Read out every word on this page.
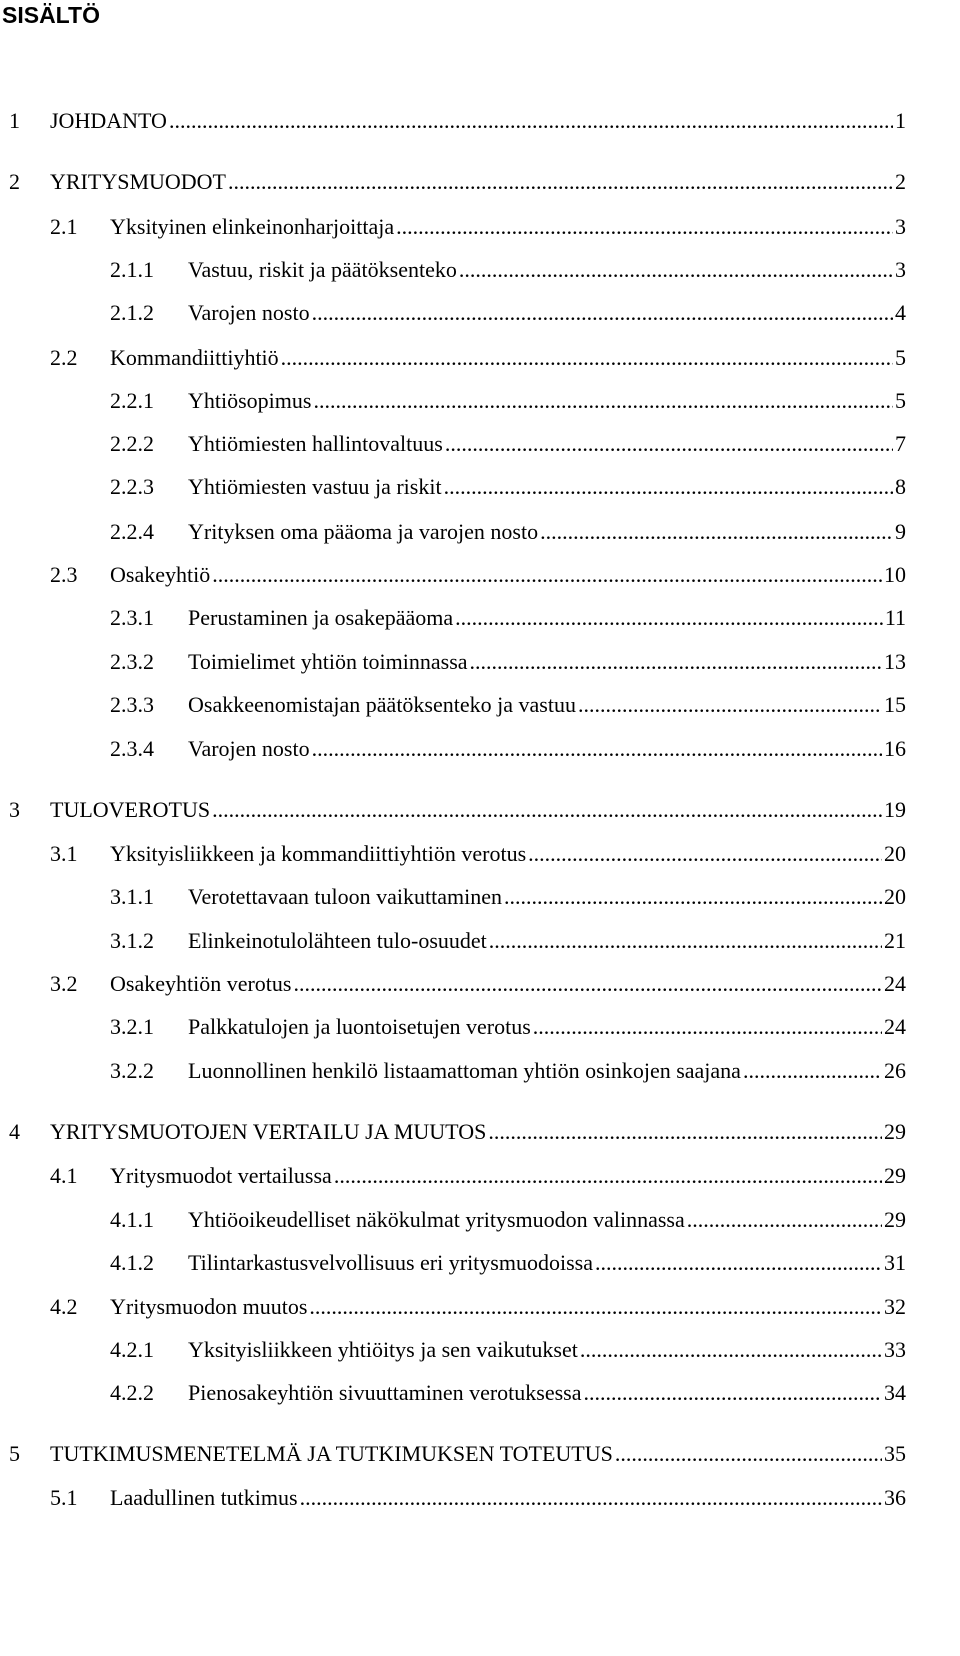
SISÄLTÖ
1 JOHDANTO .....	1
2 YRITYSMUODOT .....	2
2.1 Yksityinen elinkeinonharjoittaja .....	3
2.1.1 Vastuu, riskit ja päätöksenteko .....	3
2.1.2 Varojen nosto .....	4
2.2 Kommandiittiyhtiö .....	5
2.2.1 Yhtiösopimus .....	5
2.2.2 Yhtiömiesten hallintovaltuus .....	7
2.2.3 Yhtiömiesten vastuu ja riskit .....	8
2.2.4 Yrityksen oma pääoma ja varojen nosto .....	9
2.3 Osakeyhtiö .....	10
2.3.1 Perustaminen ja osakepääoma .....	11
2.3.2 Toimielimet yhtiön toiminnassa .....	13
2.3.3 Osakkeenomistajan päätöksenteko ja vastuu .....	15
2.3.4 Varojen nosto .....	16
3 TULOVEROTUS .....	19
3.1 Yksityisliikkeen ja kommandiittiyhtiön verotus .....	20
3.1.1 Verotettavaan tuloon vaikuttaminen .....	20
3.1.2 Elinkeinotulolähteen tulo-osuudet .....	21
3.2 Osakeyhtiön verotus .....	24
3.2.1 Palkkatulojen ja luontoisetujen verotus .....	24
3.2.2 Luonnollinen henkilö listaamattoman yhtiön osinkojen saajana .....	26
4 YRITYSMUOTOJEN VERTAILU JA MUUTOS .....	29
4.1 Yritysmuodot vertailussa .....	29
4.1.1 Yhtiöoikeudelliset näkökulmat yritysmuodon valinnassa .....	29
4.1.2 Tilintarkastusvelvollisuus eri yritysmuodoissa .....	31
4.2 Yritysmuodon muutos .....	32
4.2.1 Yksityisliikkeen yhtiöitys ja sen vaikutukset .....	33
4.2.2 Pienosakeyhtiön sivuuttaminen verotuksessa .....	34
5 TUTKIMUSMENETELMÄ JA TUTKIMUKSEN TOTEUTUS .....	35
5.1 Laadullinen tutkimus .....	36
